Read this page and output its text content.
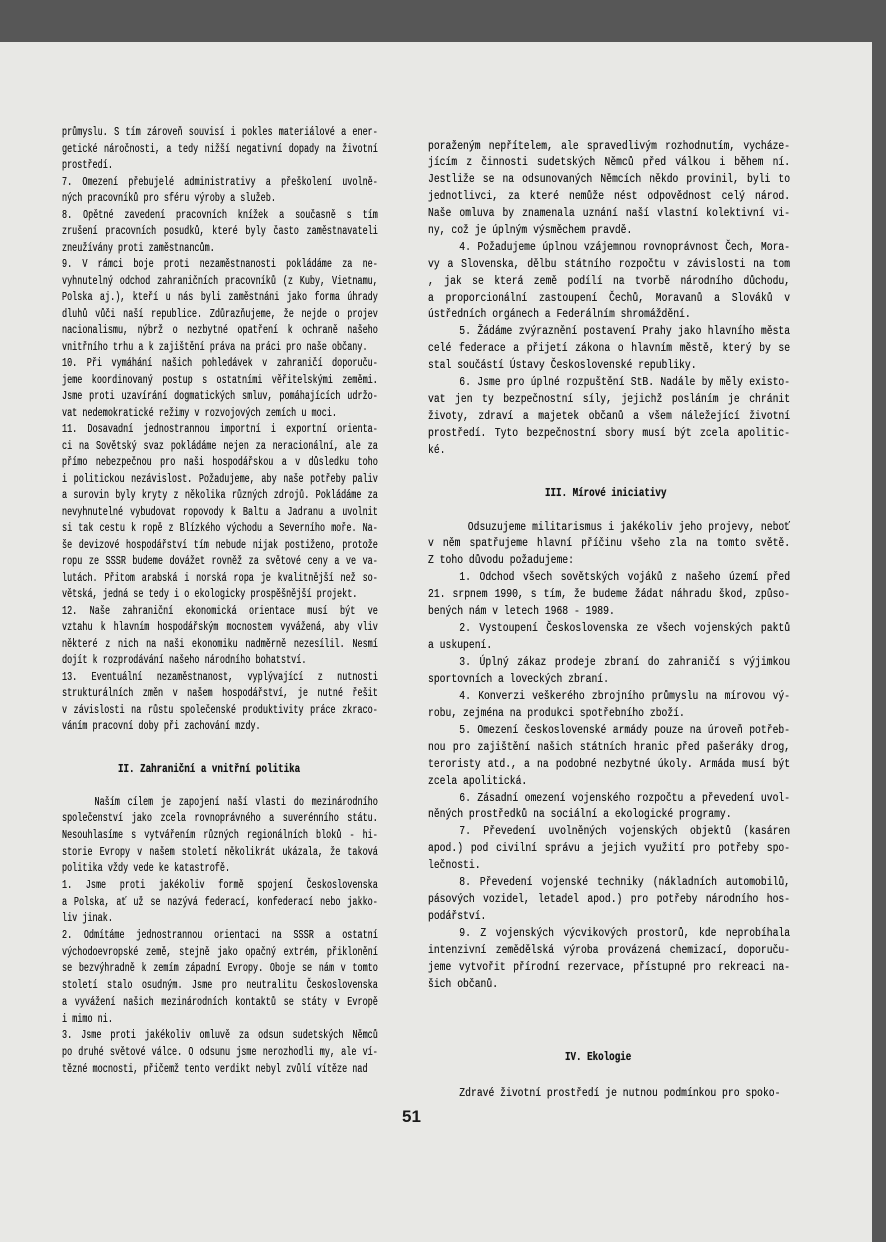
průmyslu. S tím zároveň souvisí i pokles materiálové a ener-
getické náročnosti, a tedy nižší negativní dopady na životní
prostředí.
7. Omezení přebujelé administrativy a přeškolení uvolně-
ných pracovníků pro sféru výroby a služeb.
8. Opětné zavedení pracovních knížek a současně s tím
zrušení pracovních posudků, které byly často zaměstnavateli
zneužívány proti zaměstnancům.
9. V rámci boje proti nezaměstnanosti pokládáme za ne-
vyhnutelný odchod zahraničních pracovníků (z Kuby, Vietnamu,
Polska aj.), kteří u nás byli zaměstnáni jako forma úhrady
dluhů vůči naší republice. Zdůrazňujeme, že nejde o projev
nacionalismu, nýbrž o nezbytné opatření k ochraně našeho
vnitřního trhu a k zajištění práva na práci pro naše občany.
10. Při vymáhání našich pohledávek v zahraničí doporuču-
jeme koordinovaný postup s ostatními věřitelskými zeměmi.
Jsme proti uzavírání dogmatických smluv, pomáhajících udržo-
vat nedemokratické režimy v rozvojových zemích u moci.
11. Dosavadní jednostrannou importní i exportní orienta-
ci na Sovětský svaz pokládáme nejen za neracionální, ale za
přímo nebezpečnou pro naši hospodářskou a v důsledku toho
i politickou nezávislost. Požadujeme, aby naše potřeby paliv
a surovin byly kryty z několika různých zdrojů. Pokládáme za
nevyhnutelné vybudovat ropovody k Baltu a Jadranu a uvolnit
si tak cestu k ropě z Blízkého východu a Severního moře. Na-
še devizové hospodářství tím nebude nijak postiženo, protože
ropu ze SSSR budeme dovážet rovněž za světové ceny a ve va-
lutách. Přitom arabská i norská ropa je kvalitnější než so-
větská, jedná se tedy i o ekologicky prospěšnější projekt.
12. Naše zahraniční ekonomická orientace musí být ve
vztahu k hlavním hospodářským mocnostem vyvážená, aby vliv
některé z nich na naši ekonomiku nadměrně nezesílil. Nesmí
dojít k rozprodávání našeho národního bohatství.
13. Eventuální nezaměstnanost, vyplývající z nutnosti
strukturálních změn v našem hospodářství, je nutné řešit
v závislosti na růstu společenské produktivity práce zkraco-
váním pracovní doby při zachování mzdy.
II. Zahraniční a vnitřní politika
Naším cílem je zapojení naší vlasti do mezinárodního
společenství jako zcela rovnoprávného a suverénního státu.
Nesouhlasíme s vytvářením různých regionálních bloků - hi-
storie Evropy v našem století několikrát ukázala, že taková
politika vždy vede ke katastrofě.
1. Jsme proti jakékoliv formě spojení Československa
a Polska, ať už se nazývá federací, konfederací nebo jakko-
liv jinak.
2. Odmítáme jednostrannou orientaci na SSSR a ostatní
východoevropské země, stejně jako opačný extrém, přiklonění
se bezvýhradně k zemím západní Evropy. Oboje se nám v tomto
století stalo osudným. Jsme pro neutralitu Československa
a vyvážení našich mezinárodních kontaktů se státy v Evropě
i mimo ni.
3. Jsme proti jakékoliv omluvě za odsun sudetských Němců
po druhé světové válce. O odsunu jsme nerozhodli my, ale ví-
tězné mocnosti, přičemž tento verdikt nebyl zvůlí vítěze nad
poraženým nepřítelem, ale spravedlivým rozhodnutím, vycháze-
jícím z činnosti sudetských Němců před válkou i během ní.
Jestliže se na odsunovaných Němcích někdo provinil, byli to
jednotlivci, za které nemůže nést odpovědnost celý národ.
Naše omluva by znamenala uznání naší vlastní kolektivní vi-
ny, což je úplným výsměchem pravdě.
4. Požadujeme úplnou vzájemnou rovnoprávnost Čech, Mora-
vy a Slovenska, dělbu státního rozpočtu v závislosti na tom
, jak se která země podílí na tvorbě národního důchodu,
a proporcionální zastoupení Čechů, Moravanů a Slováků v
ústředních orgánech a Federálním shromáždění.
5. Žádáme zvýraznění postavení Prahy jako hlavního města
celé federace a přijetí zákona o hlavním městě, který by se
stal součástí Ústavy Československé republiky.
6. Jsme pro úplné rozpuštění StB. Nadále by měly existo-
vat jen ty bezpečnostní síly, jejichž posláním je chránit
životy, zdraví a majetek občanů a všem náležející životní
prostředí. Tyto bezpečnostní sbory musí být zcela apolitic-
ké.
III. Mírové iniciativy
Odsuzujeme militarismus i jakékoliv jeho projevy, neboť
v něm spatřujeme hlavní příčinu všeho zla na tomto světě.
Z toho důvodu požadujeme:
1. Odchod všech sovětských vojáků z našeho území před
21. srpnem 1990, s tím, že budeme žádat náhradu škod, způso-
bených nám v letech 1968 - 1989.
2. Vystoupení Československa ze všech vojenských paktů
a uskupení.
3. Úplný zákaz prodeje zbraní do zahraničí s výjimkou
sportovních a loveckých zbraní.
4. Konverzi veškerého zbrojního průmyslu na mírovou vý-
robu, zejména na produkci spotřebního zboží.
5. Omezení československé armády pouze na úroveň potřeb-
nou pro zajištění našich státních hranic před pašeráky drog,
teroristy atd., a na podobné nezbytné úkoly. Armáda musí být
zcela apolitická.
6. Zásadní omezení vojenského rozpočtu a převedení uvol-
něných prostředků na sociální a ekologické programy.
7. Převedení uvolněných vojenských objektů (kasáren
apod.) pod civilní správu a jejich využití pro potřeby spo-
lečnosti.
8. Převedení vojenské techniky (nákladních automobilů,
pásových vozidel, letadel apod.) pro potřeby národního hos-
podářství.
9. Z vojenských výcvikových prostorů, kde neprobíhala
intenzivní zemědělská výroba provázená chemizací, doporuču-
jeme vytvořit přírodní rezervace, přístupné pro rekreaci na-
šich občanů.
IV. Ekologie
Zdravé životní prostředí je nutnou podmínkou pro spoko-
51
